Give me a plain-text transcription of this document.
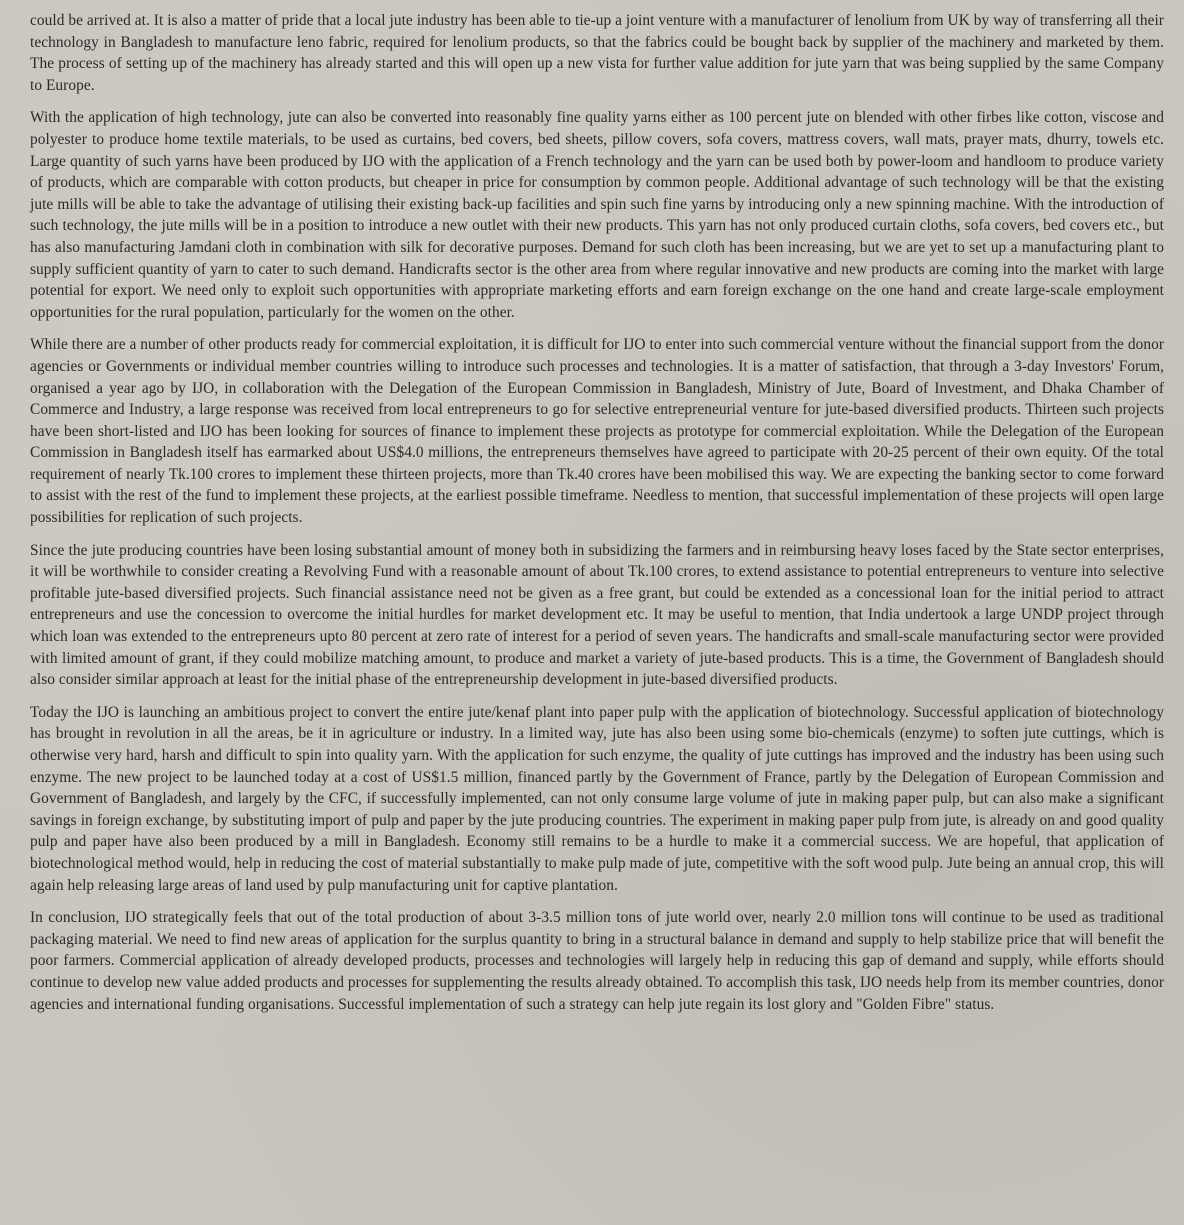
could be arrived at. It is also a matter of pride that a local jute industry has been able to tie-up a joint venture with a manufacturer of lenolium from UK by way of transferring all their technology in Bangladesh to manufacture leno fabric, required for lenolium products, so that the fabrics could be bought back by supplier of the machinery and marketed by them. The process of setting up of the machinery has already started and this will open up a new vista for further value addition for jute yarn that was being supplied by the same Company to Europe.

With the application of high technology, jute can also be converted into reasonably fine quality yarns either as 100 percent jute on blended with other firbes like cotton, viscose and polyester to produce home textile materials, to be used as curtains, bed covers, bed sheets, pillow covers, sofa covers, mattress covers, wall mats, prayer mats, dhurry, towels etc. Large quantity of such yarns have been produced by IJO with the application of a French technology and the yarn can be used both by power-loom and handloom to produce variety of products, which are comparable with cotton products, but cheaper in price for consumption by common people. Additional advantage of such technology will be that the existing jute mills will be able to take the advantage of utilising their existing back-up facilities and spin such fine yarns by introducing only a new spinning machine. With the introduction of such technology, the jute mills will be in a position to introduce a new outlet with their new products. This yarn has not only produced curtain cloths, sofa covers, bed covers etc., but has also manufacturing Jamdani cloth in combination with silk for decorative purposes. Demand for such cloth has been increasing, but we are yet to set up a manufacturing plant to supply sufficient quantity of yarn to cater to such demand. Handicrafts sector is the other area from where regular innovative and new products are coming into the market with large potential for export. We need only to exploit such opportunities with appropriate marketing efforts and earn foreign exchange on the one hand and create large-scale employment opportunities for the rural population, particularly for the women on the other.

While there are a number of other products ready for commercial exploitation, it is difficult for IJO to enter into such commercial venture without the financial support from the donor agencies or Governments or individual member countries willing to introduce such processes and technologies. It is a matter of satisfaction, that through a 3-day Investors' Forum, organised a year ago by IJO, in collaboration with the Delegation of the European Commission in Bangladesh, Ministry of Jute, Board of Investment, and Dhaka Chamber of Commerce and Industry, a large response was received from local entrepreneurs to go for selective entrepreneurial venture for jute-based diversified products. Thirteen such projects have been short-listed and IJO has been looking for sources of finance to implement these projects as prototype for commercial exploitation. While the Delegation of the European Commission in Bangladesh itself has earmarked about US$4.0 millions, the entrepreneurs themselves have agreed to participate with 20-25 percent of their own equity. Of the total requirement of nearly Tk.100 crores to implement these thirteen projects, more than Tk.40 crores have been mobilised this way. We are expecting the banking sector to come forward to assist with the rest of the fund to implement these projects, at the earliest possible timeframe. Needless to mention, that successful implementation of these projects will open large possibilities for replication of such projects.

Since the jute producing countries have been losing substantial amount of money both in subsidizing the farmers and in reimbursing heavy loses faced by the State sector enterprises, it will be worthwhile to consider creating a Revolving Fund with a reasonable amount of about Tk.100 crores, to extend assistance to potential entrepreneurs to venture into selective profitable jute-based diversified projects. Such financial assistance need not be given as a free grant, but could be extended as a concessional loan for the initial period to attract entrepreneurs and use the concession to overcome the initial hurdles for market development etc. It may be useful to mention, that India undertook a large UNDP project through which loan was extended to the entrepreneurs upto 80 percent at zero rate of interest for a period of seven years. The handicrafts and small-scale manufacturing sector were provided with limited amount of grant, if they could mobilize matching amount, to produce and market a variety of jute-based products. This is a time, the Government of Bangladesh should also consider similar approach at least for the initial phase of the entrepreneurship development in jute-based diversified products.

Today the IJO is launching an ambitious project to convert the entire jute/kenaf plant into paper pulp with the application of biotechnology. Successful application of biotechnology has brought in revolution in all the areas, be it in agriculture or industry. In a limited way, jute has also been using some bio-chemicals (enzyme) to soften jute cuttings, which is otherwise very hard, harsh and difficult to spin into quality yarn. With the application for such enzyme, the quality of jute cuttings has improved and the industry has been using such enzyme. The new project to be launched today at a cost of US$1.5 million, financed partly by the Government of France, partly by the Delegation of European Commission and Government of Bangladesh, and largely by the CFC, if successfully implemented, can not only consume large volume of jute in making paper pulp, but can also make a significant savings in foreign exchange, by substituting import of pulp and paper by the jute producing countries. The experiment in making paper pulp from jute, is already on and good quality pulp and paper have also been produced by a mill in Bangladesh. Economy still remains to be a hurdle to make it a commercial success. We are hopeful, that application of biotechnological method would, help in reducing the cost of material substantially to make pulp made of jute, competitive with the soft wood pulp. Jute being an annual crop, this will again help releasing large areas of land used by pulp manufacturing unit for captive plantation.

In conclusion, IJO strategically feels that out of the total production of about 3-3.5 million tons of jute world over, nearly 2.0 million tons will continue to be used as traditional packaging material. We need to find new areas of application for the surplus quantity to bring in a structural balance in demand and supply to help stabilize price that will benefit the poor farmers. Commercial application of already developed products, processes and technologies will largely help in reducing this gap of demand and supply, while efforts should continue to develop new value added products and processes for supplementing the results already obtained. To accomplish this task, IJO needs help from its member countries, donor agencies and international funding organisations. Successful implementation of such a strategy can help jute regain its lost glory and "Golden Fibre" status.
